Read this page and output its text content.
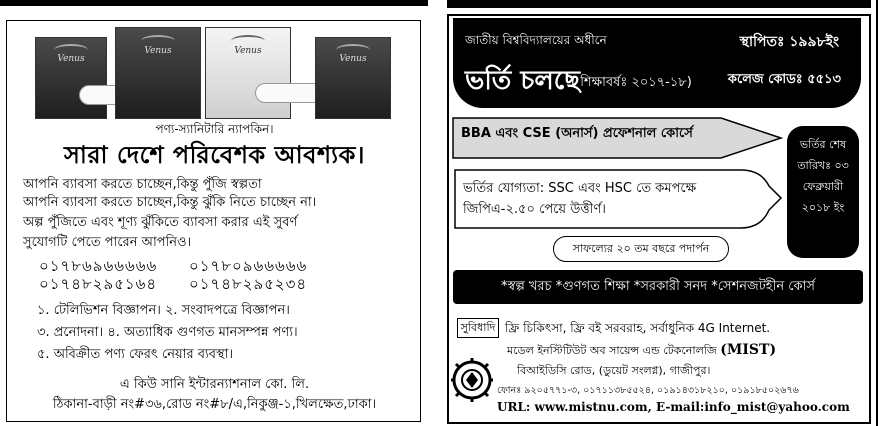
Venus
Venus	Venus
Venus
পণ্য-স্যানিটারি ন্যাপকিন।
সারা দেশে পরিবেশক আবশ্যক।
আপনি ব্যাবসা করতে চাচ্ছেন,কিন্তু পুঁজি স্বল্পতা
আপনি ব্যাবসা করতে চাচ্ছেন,কিন্তু ঝুঁকি নিতে চাচ্ছেন না।
অল্প পুঁজিতে এবং শূণ্য ঝুঁকিতে ব্যাবসা করার এই সুবর্ণ
সুযোগটি পেতে পারেন আপনিও।
০১৭৮৬৯৬৬৬৬৬ ০১৭৮০৯৬৬৬৬৬
০১৭৪৮২৯৫১৬৪ ০১৭৪৮২৯৫২৩৪
১. টেলিভিশন বিজ্ঞাপন। ২. সংবাদপত্রে বিজ্ঞাপন।
৩. প্রনোদনা। ৪. অত্যাধিক গুণগত মানসম্পন্ন পণ্য।
৫. অবিক্রীত পণ্য ফেরৎ নেয়ার ব্যবস্থা।
এ কিউ সানি ইন্টারন্যাশনাল কো. লি.
ঠিকানা-বাড়ী নং#৩৬,রোড নং#৮/এ,নিকুঞ্জ-১,খিলক্ষেত,ঢাকা।
জাতীয় বিশ্ববিদ্যালয়ের অধীনে	স্থাপিতঃ ১৯৯৮ইং
ভর্তি চলছে
( শিক্ষাবর্ষঃ ২০১৭-১৮)	কলেজ কোডঃ ৫৫১৩
BBA এবং CSE (অনার্স) প্রফেশনাল কোর্সে
ভর্তির শেষ
তারিখঃ ০৩
ফেব্রুয়ারী
২০১৮ ইং
ভর্তির যোগ্যতা: SSC এবং HSC তে কমপক্ষে
জিপিএ-২.৫০ পেয়ে উত্তীর্ণ।
সাফল্যের ২০ তম বছরে পদার্পন
*স্বল্প খরচ *গুণগত শিক্ষা *সরকারী সনদ *সেশনজটহীন কোর্স
সুবিধাদি ফ্রি চিকিৎসা, ফ্রি বই সরবরাহ, সর্বাধুনিক 4G Internet.
মডেল ইনস্টিটিউট অব সায়েন্স এন্ড টেকনোলজি (MIST)
বিআইডিসি রোড, (ডুয়েট সংলগ্ন), গাজীপুর।
ফোনঃ ৯২০৫৭৭১-৩, ০১৭১১৩৮৫৫২৪, ০১৯১৪৩১৮২১০, ০১৯১৮৫০২৬৭৬
URL: www.mistnu.com, E-mail:info_mist@yahoo.com
